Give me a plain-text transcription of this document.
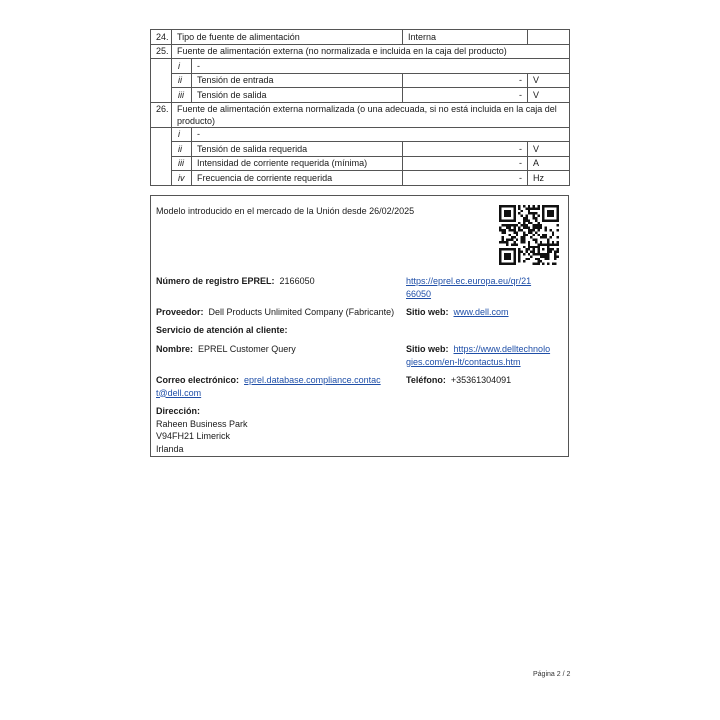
24.	Tipo de fuente de alimentación		Interna	
25.	Fuente de alimentación externa (no normalizada e incluida en la caja del producto)			
	i	-		
	ii	Tensión de entrada	-	V
	iii	Tensión de salida	-	V
26.	Fuente de alimentación externa normalizada (o una adecuada, si no está incluida en la caja del producto)			
	i	-		
	ii	Tensión de salida requerida	-	V
	iii	Intensidad de corriente requerida (mínima)	-	A
	iv	Frecuencia de corriente requerida	-	Hz
Modelo introducido en el mercado de la Unión desde 26/02/2025
Número de registro EPREL: 2166050	https://eprel.ec.europa.eu/qr/21
66050
Proveedor: Dell Products Unlimited Company (Fabricante) Sitio web: www.dell.com
Servicio de atención al cliente:
Nombre: EPREL Customer Query	Sitio web: https://www.delltechnolo
gies.com/en-lt/contactus.htm
Correo electrónico: eprel.database.compliance.contac
t@dell.com
Teléfono: +35361304091
Dirección:
Raheen Business Park
V94FH21 Limerick
Irlanda
Página 2 / 2
